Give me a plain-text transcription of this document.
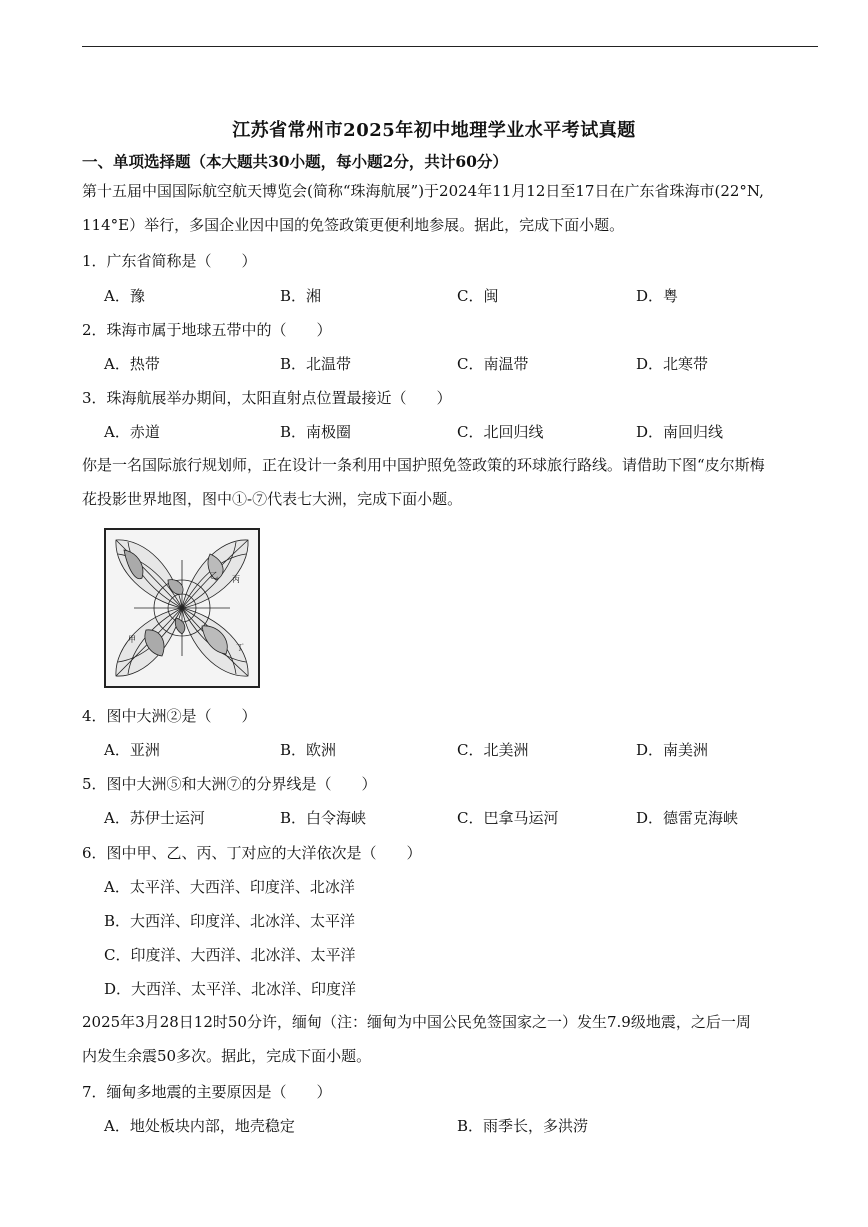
江苏省常州市2025年初中地理学业水平考试真题
一、单项选择题（本大题共30小题，每小题2分，共计60分）
第十五届中国国际航空航天博览会(简称“珠海航展”)于2024年11月12日至17日在广东省珠海市(22°N,
114°E）举行，多国企业因中国的免签政策更便利地参展。据此，完成下面小题。
1．广东省简称是（　　）
A．豫	B．湘	C．闽	D．粤
2．珠海市属于地球五带中的（　　）
A．热带	B．北温带	C．南温带	D．北寒带
3．珠海航展举办期间，太阳直射点位置最接近（　　）
A．赤道	B．南极圈	C．北回归线	D．南回归线
你是一名国际旅行规划师，正在设计一条利用中国护照免签政策的环球旅行路线。请借助下图“皮尔斯梅
花投影世界地图，图中①-⑦代表七大洲，完成下面小题。
乙 丙
甲
丁
4．图中大洲②是（　　）
A．亚洲	B．欧洲	C．北美洲	D．南美洲
5．图中大洲⑤和大洲⑦的分界线是（　　）
A．苏伊士运河	B．白令海峡	C．巴拿马运河	D．德雷克海峡
6．图中甲、乙、丙、丁对应的大洋依次是（　　）
A．太平洋、大西洋、印度洋、北冰洋
B．大西洋、印度洋、北冰洋、太平洋
C．印度洋、大西洋、北冰洋、太平洋
D．大西洋、太平洋、北冰洋、印度洋
2025年3月28日12时50分许，缅甸（注：缅甸为中国公民免签国家之一）发生7.9级地震，之后一周
内发生余震50多次。据此，完成下面小题。
7．缅甸多地震的主要原因是（　　）
A．地处板块内部，地壳稳定	B．雨季长，多洪涝
